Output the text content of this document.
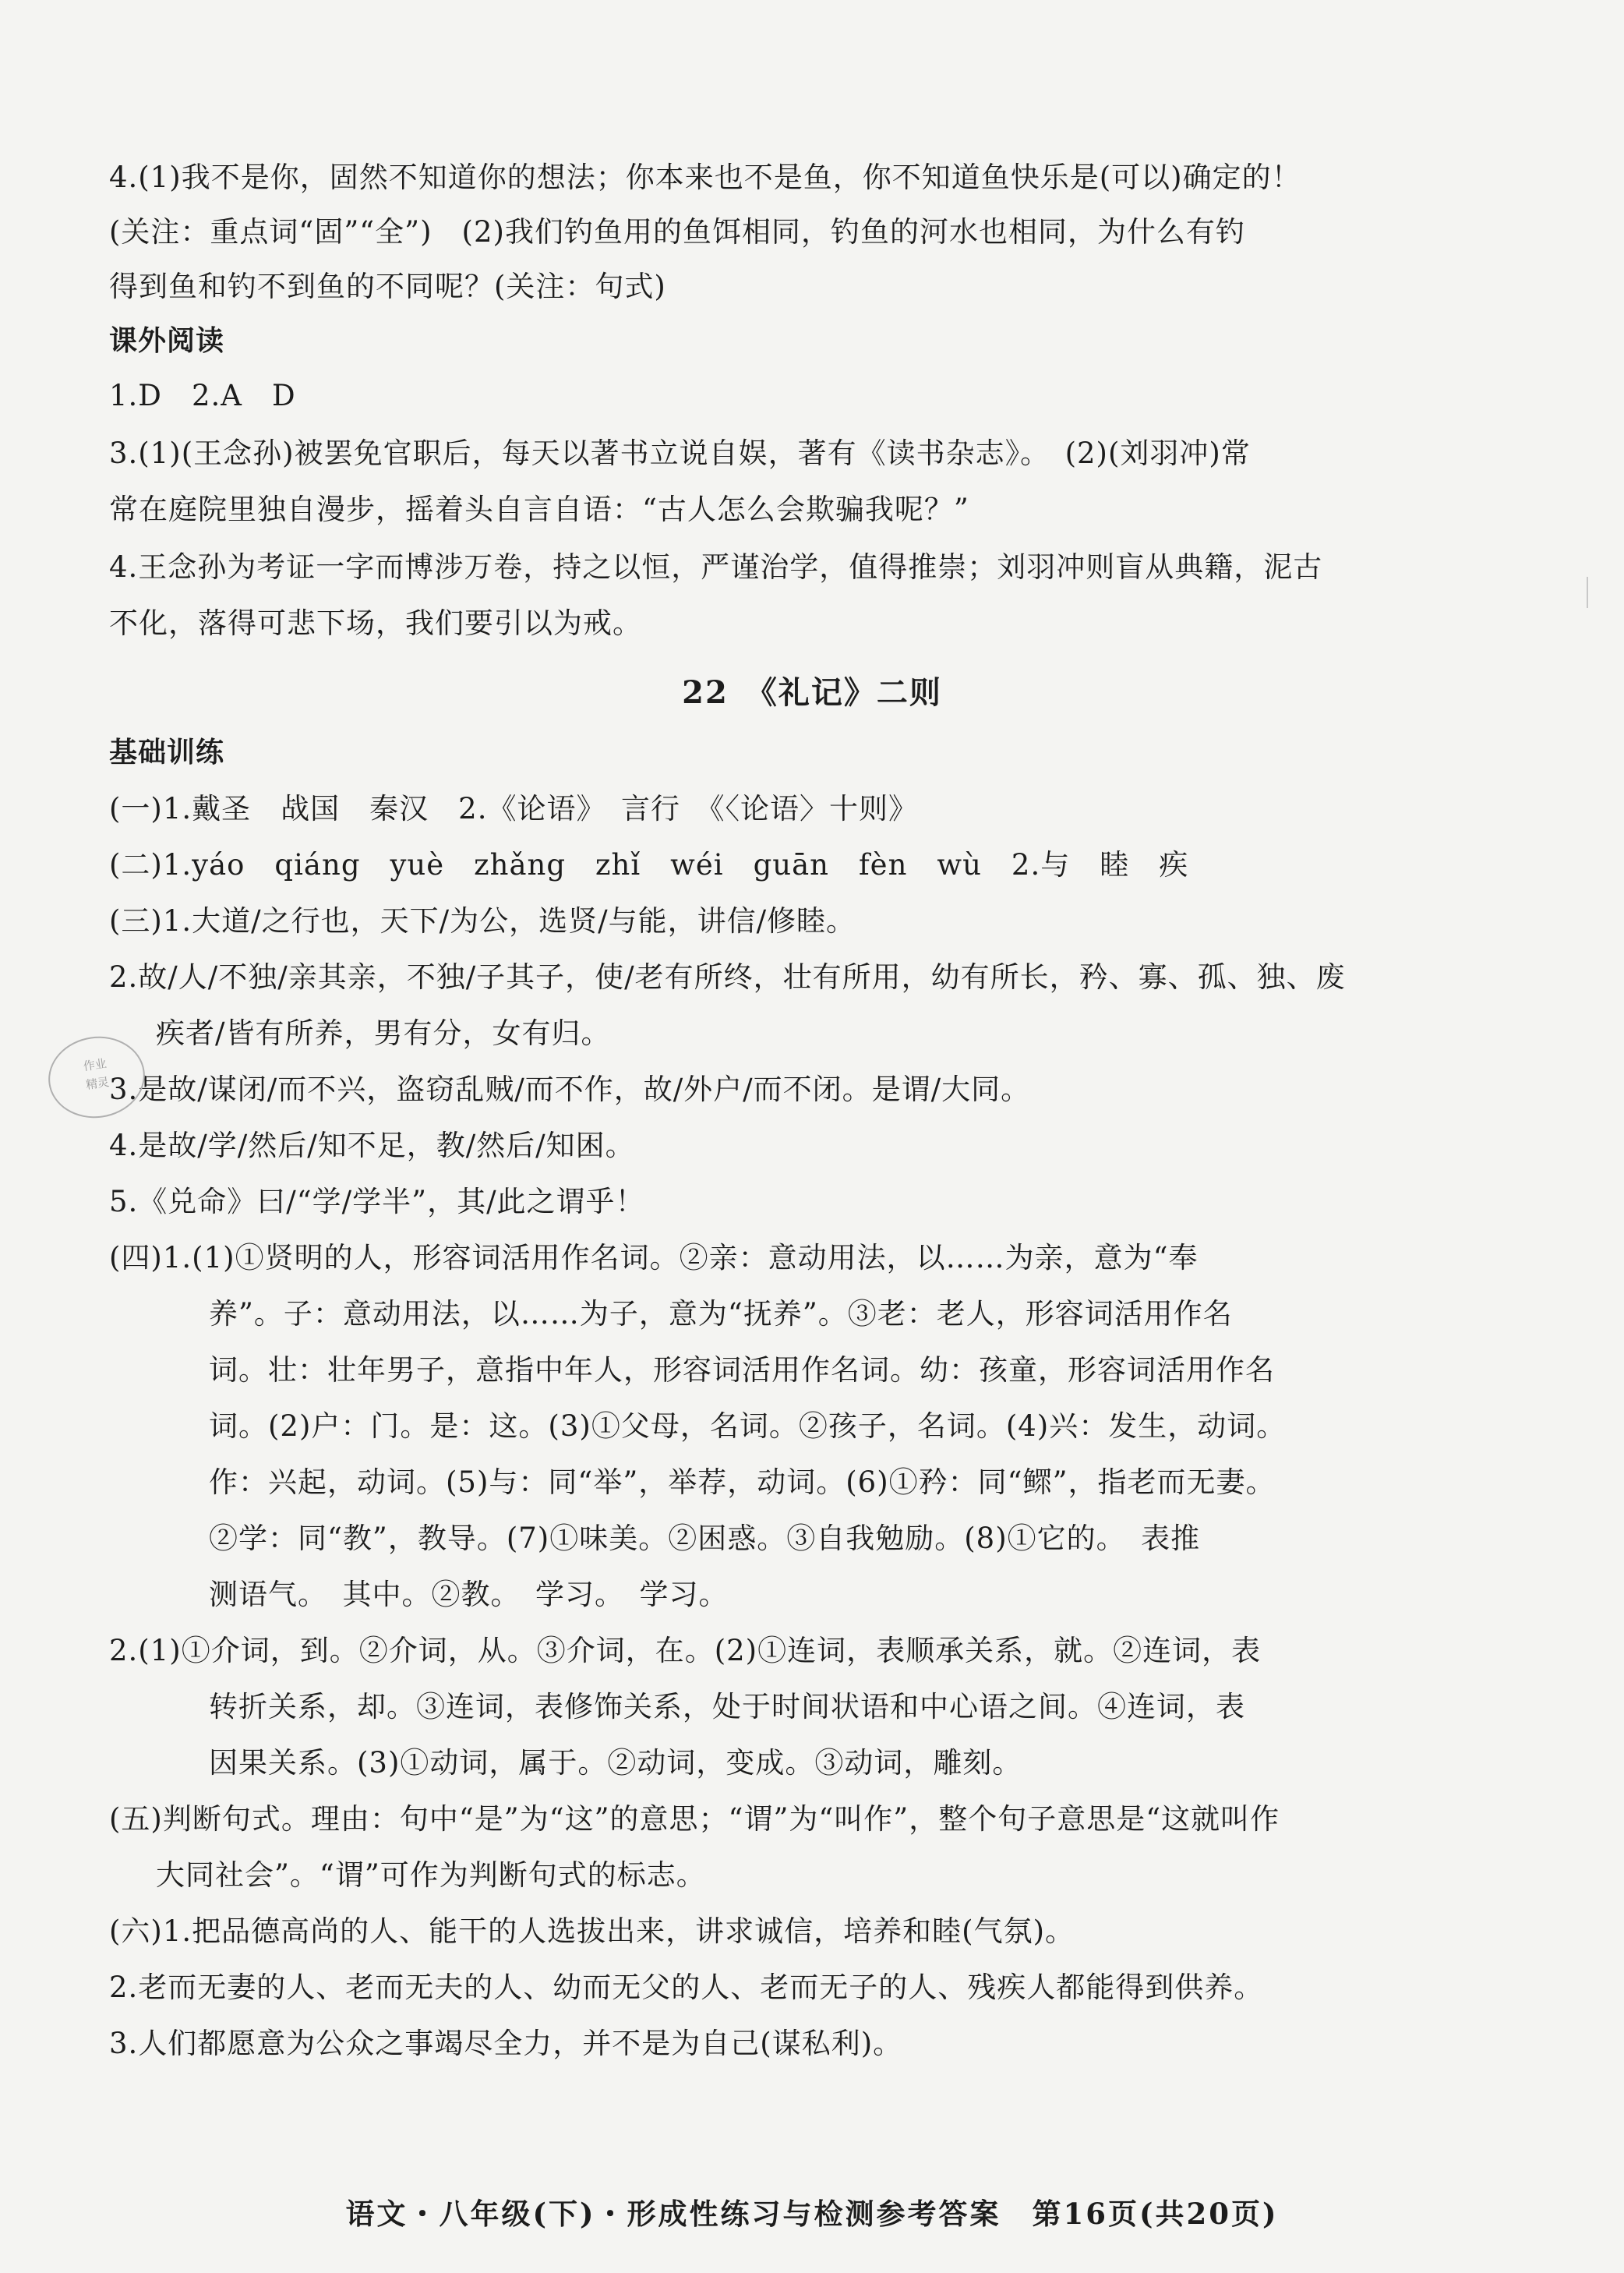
4.(1)我不是你，固然不知道你的想法；你本来也不是鱼，你不知道鱼快乐是(可以)确定的！
(关注：重点词“固”“全”)　(2)我们钓鱼用的鱼饵相同，钓鱼的河水也相同，为什么有钓
得到鱼和钓不到鱼的不同呢？(关注：句式)
课外阅读
1.D　2.A　D
3.(1)(王念孙)被罢免官职后，每天以著书立说自娱，著有《读书杂志》。　(2)(刘羽冲)常
常在庭院里独自漫步，摇着头自言自语：“古人怎么会欺骗我呢？”
4.王念孙为考证一字而博涉万卷，持之以恒，严谨治学，值得推崇；刘羽冲则盲从典籍，泥古
不化，落得可悲下场，我们要引以为戒。
22　《礼记》二则
基础训练
(一)1.戴圣　战国　秦汉　2.《论语》　言行　《〈论语〉十则》
(二)1.yáo　qiáng　yuè　zhǎng　zhǐ　wéi　guān　fèn　wù　2.与　睦　疾
(三)1.大道/之行也，天下/为公，选贤/与能，讲信/修睦。
2.故/人/不独/亲其亲，不独/子其子，使/老有所终，壮有所用，幼有所长，矜、寡、孤、独、废
疾者/皆有所养，男有分，女有归。
3.是故/谋闭/而不兴，盗窃乱贼/而不作，故/外户/而不闭。是谓/大同。
4.是故/学/然后/知不足，教/然后/知困。
5.《兑命》曰/“学/学半”，其/此之谓乎！
(四)1.(1)①贤明的人，形容词活用作名词。②亲：意动用法，以……为亲，意为“奉
养”。子：意动用法，以……为子，意为“抚养”。③老：老人，形容词活用作名
词。壮：壮年男子，意指中年人，形容词活用作名词。幼：孩童，形容词活用作名
词。(2)户：门。是：这。(3)①父母，名词。②孩子，名词。(4)兴：发生，动词。
作：兴起，动词。(5)与：同“举”，举荐，动词。(6)①矜：同“鳏”，指老而无妻。
②学：同“教”，教导。(7)①味美。②困惑。③自我勉励。(8)①它的。　表推
测语气。　其中。②教。　学习。　学习。
2.(1)①介词，到。②介词，从。③介词，在。(2)①连词，表顺承关系，就。②连词，表
转折关系，却。③连词，表修饰关系，处于时间状语和中心语之间。④连词，表
因果关系。(3)①动词，属于。②动词，变成。③动词，雕刻。
(五)判断句式。理由：句中“是”为“这”的意思；“谓”为“叫作”，整个句子意思是“这就叫作
大同社会”。“谓”可作为判断句式的标志。
(六)1.把品德高尚的人、能干的人选拔出来，讲求诚信，培养和睦(气氛)。
2.老而无妻的人、老而无夫的人、幼而无父的人、老而无子的人、残疾人都能得到供养。
3.人们都愿意为公众之事竭尽全力，并不是为自己(谋私利)。
语文・八年级(下)・形成性练习与检测参考答案　第16页(共20页)
作业
精灵
